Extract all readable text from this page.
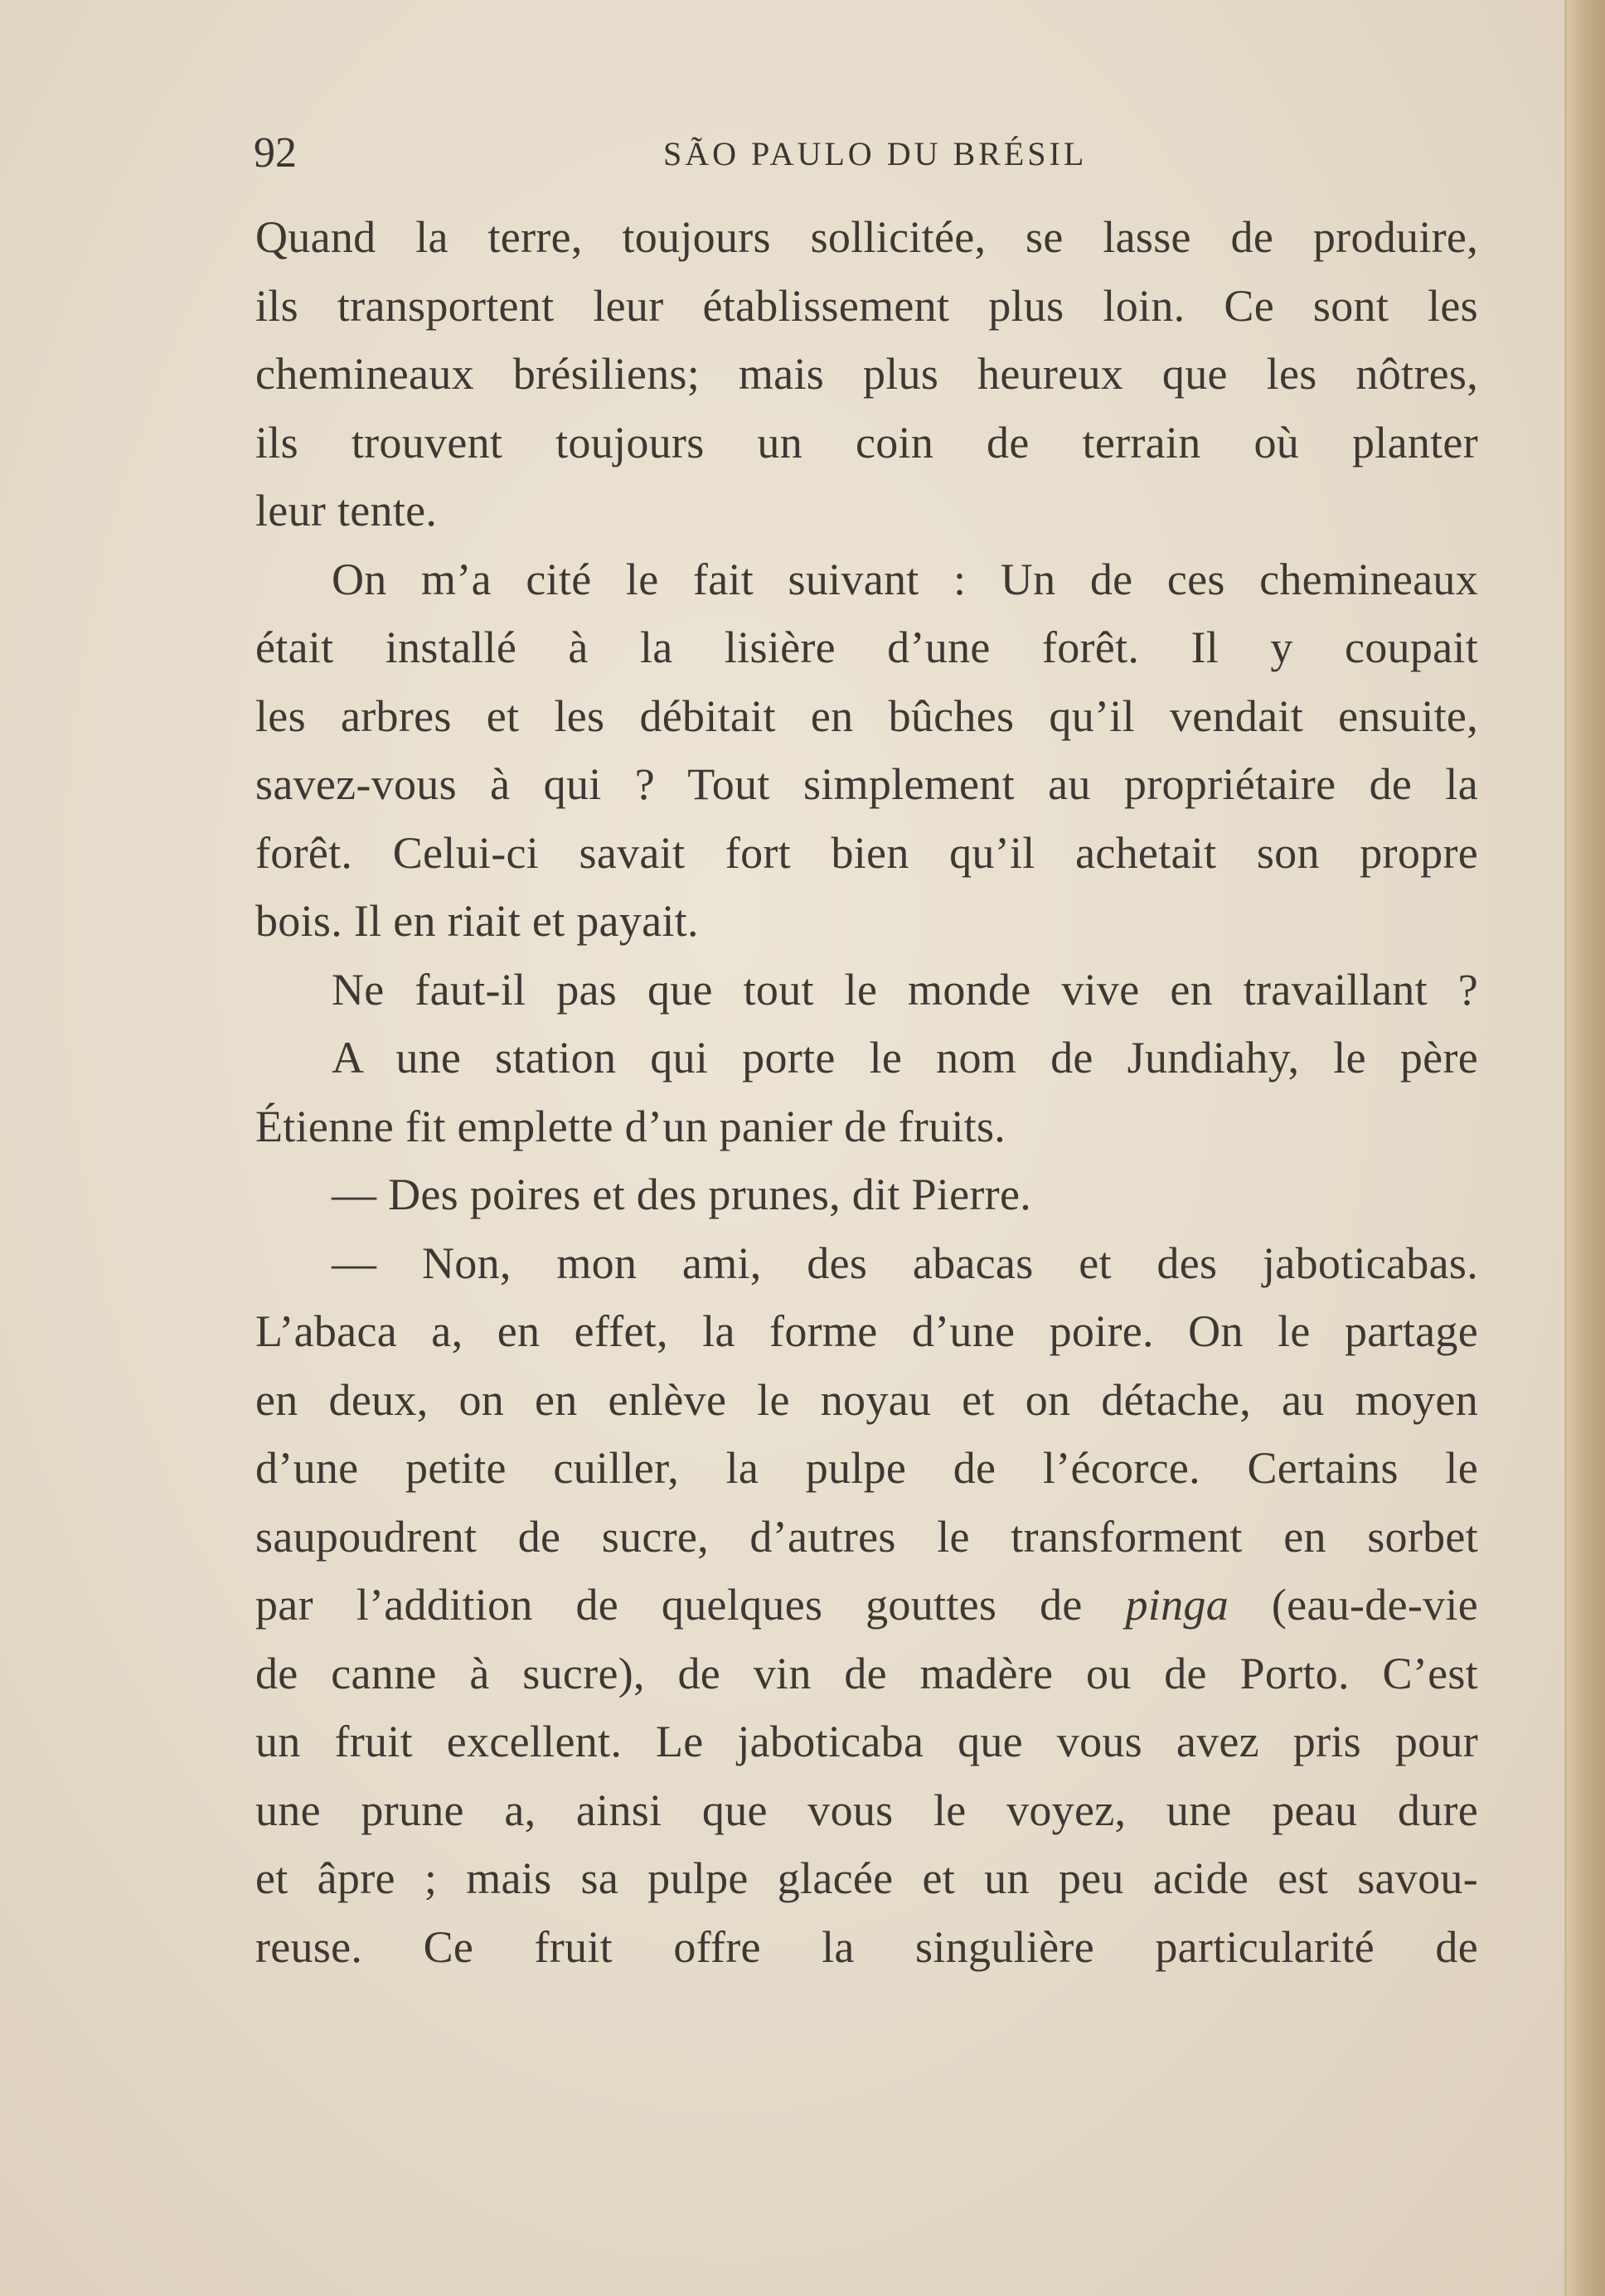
92	SÃO PAULO DU BRÉSIL
Quand la terre, toujours sollicitée, se lasse de produire,
ils transportent leur établissement plus loin. Ce sont les
chemineaux brésiliens; mais plus heureux que les nôtres,
ils trouvent toujours un coin de terrain où planter
leur tente.
On m’a cité le fait suivant : Un de ces chemineaux
était installé à la lisière d’une forêt. Il y coupait
les arbres et les débitait en bûches qu’il vendait ensuite,
savez-vous à qui ? Tout simplement au propriétaire de la
forêt. Celui-ci savait fort bien qu’il achetait son propre
bois. Il en riait et payait.
Ne faut-il pas que tout le monde vive en travaillant ?
A une station qui porte le nom de Jundiahy, le père
Étienne fit emplette d’un panier de fruits.
— Des poires et des prunes, dit Pierre.
— Non, mon ami, des abacas et des jaboticabas.
L’abaca a, en effet, la forme d’une poire. On le partage
en deux, on en enlève le noyau et on détache, au moyen
d’une petite cuiller, la pulpe de l’écorce. Certains le
saupoudrent de sucre, d’autres le transforment en sorbet
par l’addition de quelques gouttes de pinga (eau-de-vie
de canne à sucre), de vin de madère ou de Porto. C’est
un fruit excellent. Le jaboticaba que vous avez pris pour
une prune a, ainsi que vous le voyez, une peau dure
et âpre ; mais sa pulpe glacée et un peu acide est savou-
reuse. Ce fruit offre la singulière particularité de
